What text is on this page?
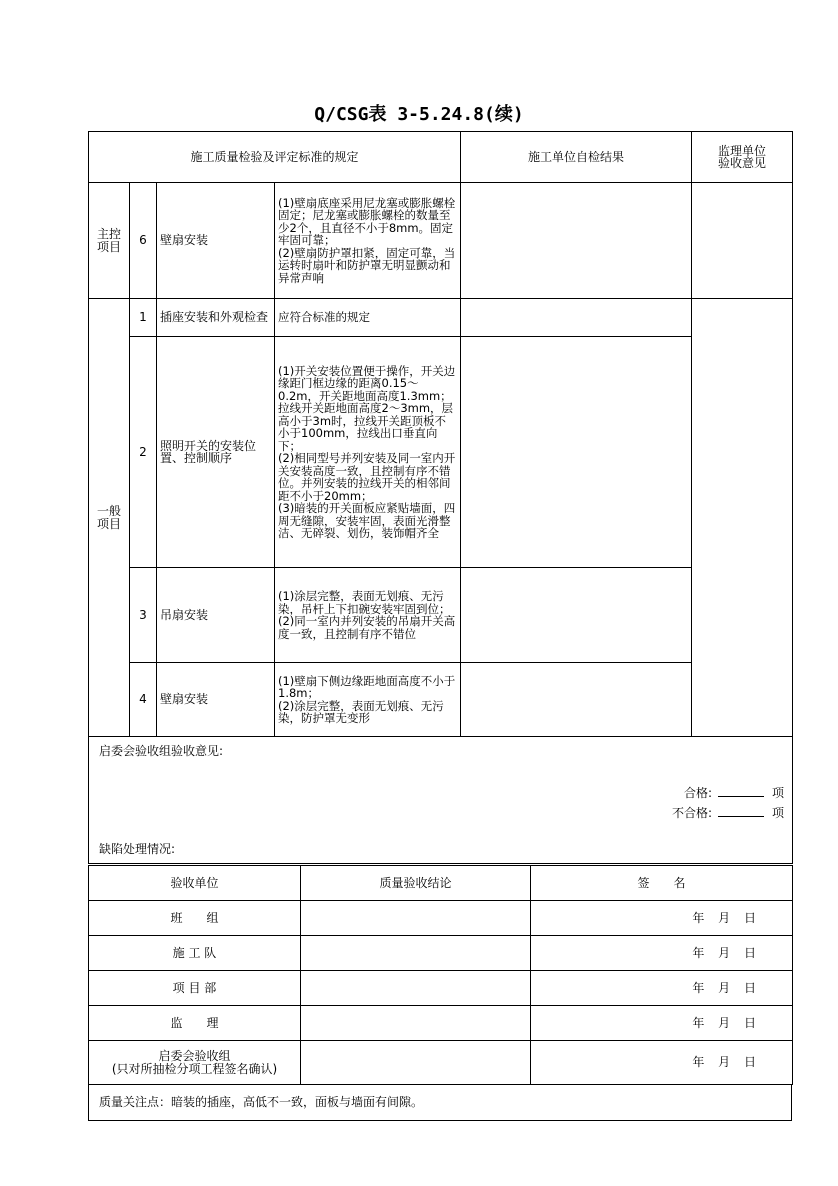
Q/CSG表 3-5.24.8(续)
施工质量检验及评定标准的规定				施工单位自检结果	监理单位
验收意见

主控
项目	6	壁扇安装	(1)壁扇底座采用尼龙塞或膨胀螺栓固定；尼龙塞或膨胀螺栓的数量至少2个，且直径不小于8mm。固定牢固可靠；
(2)壁扇防护罩扣紧，固定可靠，当运转时扇叶和防护罩无明显颤动和异常声响		
一般
项目	1	插座安装和外观检查	应符合标准的规定		
	2	照明开关的安装位置、控制顺序	(1)开关安装位置便于操作，开关边缘距门框边缘的距离0.15～0.2m，开关距地面高度1.3mm；拉线开关距地面高度2～3mm，层高小于3m时，拉线开关距顶板不小于100mm，拉线出口垂直向下；
(2)相同型号并列安装及同一室内开关安装高度一致，且控制有序不错位。并列安装的拉线开关的相邻间距不小于20mm；
(3)暗装的开关面板应紧贴墙面，四周无缝隙，安装牢固，表面光滑整洁、无碎裂、划伤，装饰帽齐全		
	3	吊扇安装	(1)涂层完整，表面无划痕、无污染，吊杆上下扣碗安装牢固到位；
(2)同一室内并列安装的吊扇开关高度一致，且控制有序不错位		
	4	壁扇安装	(1)壁扇下侧边缘距地面高度不小于1.8m；
(2)涂层完整，表面无划痕、无污染，防护罩无变形		

启委会验收组验收意见:
合格: 项
不合格: 项
缺陷处理情况:					
验收单位	质量验收结论	签　　名
班　　组		年 月 日
施 工 队		年 月 日
项 目 部		年 月 日
监　　理		年 月 日
启委会验收组
(只对所抽检分项工程签名确认)		年 月 日
质量关注点：暗装的插座，高低不一致，面板与墙面有间隙。
